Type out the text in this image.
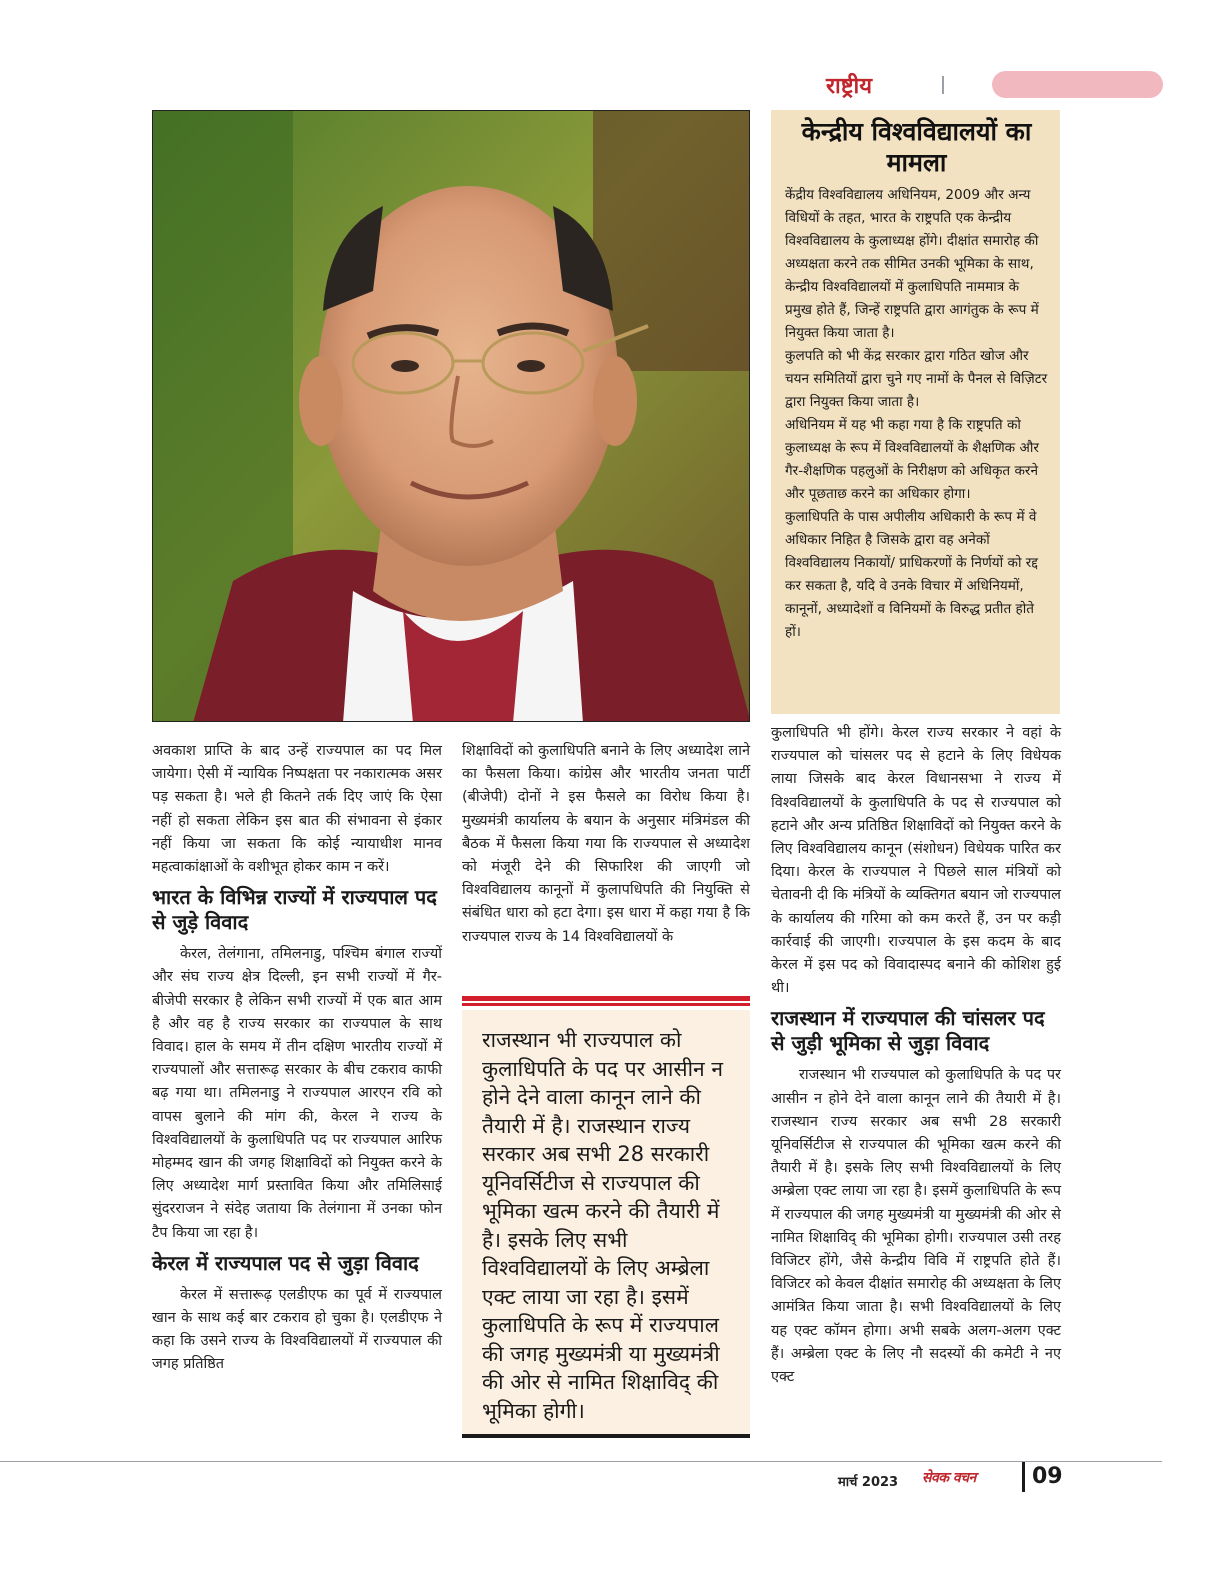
राष्ट्रीय
केन्द्रीय विश्वविद्यालयों का मामला

केंद्रीय विश्वविद्यालय अधिनियम, 2009 और अन्य विधियों के तहत, भारत के राष्ट्रपति एक केन्द्रीय विश्वविद्यालय के कुलाध्यक्ष होंगे। दीक्षांत समारोह की अध्यक्षता करने तक सीमित उनकी भूमिका के साथ, केन्द्रीय विश्वविद्यालयों में कुलाधिपति नाममात्र के प्रमुख होते हैं, जिन्हें राष्ट्रपति द्वारा आगंतुक के रूप में नियुक्त किया जाता है।

कुलपति को भी केंद्र सरकार द्वारा गठित खोज और चयन समितियों द्वारा चुने गए नामों के पैनल से विज़िटर द्वारा नियुक्त किया जाता है।

अधिनियम में यह भी कहा गया है कि राष्ट्रपति को कुलाध्यक्ष के रूप में विश्वविद्यालयों के शैक्षणिक और गैर-शैक्षणिक पहलुओं के निरीक्षण को अधिकृत करने और पूछताछ करने का अधिकार होगा।

कुलाधिपति के पास अपीलीय अधिकारी के रूप में वे अधिकार निहित है जिसके द्वारा वह अनेकों विश्वविद्यालय निकायों/ प्राधिकरणों के निर्णयों को रद्द कर सकता है, यदि वे उनके विचार में अधिनियमों, कानूनों, अध्यादेशों व विनियमों के विरुद्ध प्रतीत होते हों।

अवकाश प्राप्ति के बाद उन्हें राज्यपाल का पद मिल जायेगा। ऐसी में न्यायिक निष्पक्षता पर नकारात्मक असर पड़ सकता है। भले ही कितने तर्क दिए जाएं कि ऐसा नहीं हो सकता लेकिन इस बात की संभावना से इंकार नहीं किया जा सकता कि कोई न्यायाधीश मानव महत्वाकांक्षाओं के वशीभूत होकर काम न करें।

भारत के विभिन्न राज्यों में राज्यपाल पद से जुड़े विवाद

केरल, तेलंगाना, तमिलनाडु, पश्चिम बंगाल राज्यों और संघ राज्य क्षेत्र दिल्ली, इन सभी राज्यों में गैर-बीजेपी सरकार है लेकिन सभी राज्यों में एक बात आम है और वह है राज्य सरकार का राज्यपाल के साथ विवाद। हाल के समय में तीन दक्षिण भारतीय राज्यों में राज्यपालों और सत्तारूढ़ सरकार के बीच टकराव काफी बढ़ गया था। तमिलनाडु ने राज्यपाल आरएन रवि को वापस बुलाने की मांग की, केरल ने राज्य के विश्वविद्यालयों के कुलाधिपति पद पर राज्यपाल आरिफ मोहम्मद खान की जगह शिक्षाविदों को नियुक्त करने के लिए अध्यादेश मार्ग प्रस्तावित किया और तमिलिसाई सुंदरराजन ने संदेह जताया कि तेलंगाना में उनका फोन टैप किया जा रहा है।

केरल में राज्यपाल पद से जुड़ा विवाद

केरल में सत्तारूढ़ एलडीएफ का पूर्व में राज्यपाल खान के साथ कई बार टकराव हो चुका है। एलडीएफ ने कहा कि उसने राज्य के विश्वविद्यालयों में राज्यपाल की जगह प्रतिष्ठित

शिक्षाविदों को कुलाधिपति बनाने के लिए अध्यादेश लाने का फैसला किया। कांग्रेस और भारतीय जनता पार्टी (बीजेपी) दोनों ने इस फैसले का विरोध किया है। मुख्यमंत्री कार्यालय के बयान के अनुसार मंत्रिमंडल की बैठक में फैसला किया गया कि राज्यपाल से अध्यादेश को मंजूरी देने की सिफारिश की जाएगी जो विश्वविद्यालय कानूनों में कुलापधिपति की नियुक्ति से संबंधित धारा को हटा देगा। इस धारा में कहा गया है कि राज्यपाल राज्य के 14 विश्वविद्यालयों के

राजस्थान भी राज्यपाल को कुलाधिपति के पद पर आसीन न होने देने वाला कानून लाने की तैयारी में है। राजस्थान राज्य सरकार अब सभी 28 सरकारी यूनिवर्सिटीज से राज्यपाल की भूमिका खत्म करने की तैयारी में है। इसके लिए सभी विश्वविद्यालयों के लिए अम्ब्रेला एक्ट लाया जा रहा है। इसमें कुलाधिपति के रूप में राज्यपाल की जगह मुख्यमंत्री या मुख्यमंत्री की ओर से नामित शिक्षाविद् की भूमिका होगी।

कुलाधिपति भी होंगे। केरल राज्य सरकार ने वहां के राज्यपाल को चांसलर पद से हटाने के लिए विधेयक लाया जिसके बाद केरल विधानसभा ने राज्य में विश्वविद्यालयों के कुलाधिपति के पद से राज्यपाल को हटाने और अन्य प्रतिष्ठित शिक्षाविदों को नियुक्त करने के लिए विश्वविद्यालय कानून (संशोधन) विधेयक पारित कर दिया। केरल के राज्यपाल ने पिछले साल मंत्रियों को चेतावनी दी कि मंत्रियों के व्यक्तिगत बयान जो राज्यपाल के कार्यालय की गरिमा को कम करते हैं, उन पर कड़ी कार्रवाई की जाएगी। राज्यपाल के इस कदम के बाद केरल में इस पद को विवादास्पद बनाने की कोशिश हुई थी।

राजस्थान में राज्यपाल की चांसलर पद से जुड़ी भूमिका से जुड़ा विवाद

राजस्थान भी राज्यपाल को कुलाधिपति के पद पर आसीन न होने देने वाला कानून लाने की तैयारी में है। राजस्थान राज्य सरकार अब सभी 28 सरकारी यूनिवर्सिटीज से राज्यपाल की भूमिका खत्म करने की तैयारी में है। इसके लिए सभी विश्वविद्यालयों के लिए अम्ब्रेला एक्ट लाया जा रहा है। इसमें कुलाधिपति के रूप में राज्यपाल की जगह मुख्यमंत्री या मुख्यमंत्री की ओर से नामित शिक्षाविद् की भूमिका होगी। राज्यपाल उसी तरह विजिटर होंगे, जैसे केन्द्रीय विवि में राष्ट्रपति होते हैं। विजिटर को केवल दीक्षांत समारोह की अध्यक्षता के लिए आमंत्रित किया जाता है। सभी विश्वविद्यालयों के लिए यह एक्ट कॉमन होगा। अभी सबके अलग-अलग एक्ट हैं। अम्ब्रेला एक्ट के लिए नौ सदस्यों की कमेटी ने नए एक्ट

मार्च 2023 सेवक वचन	09
